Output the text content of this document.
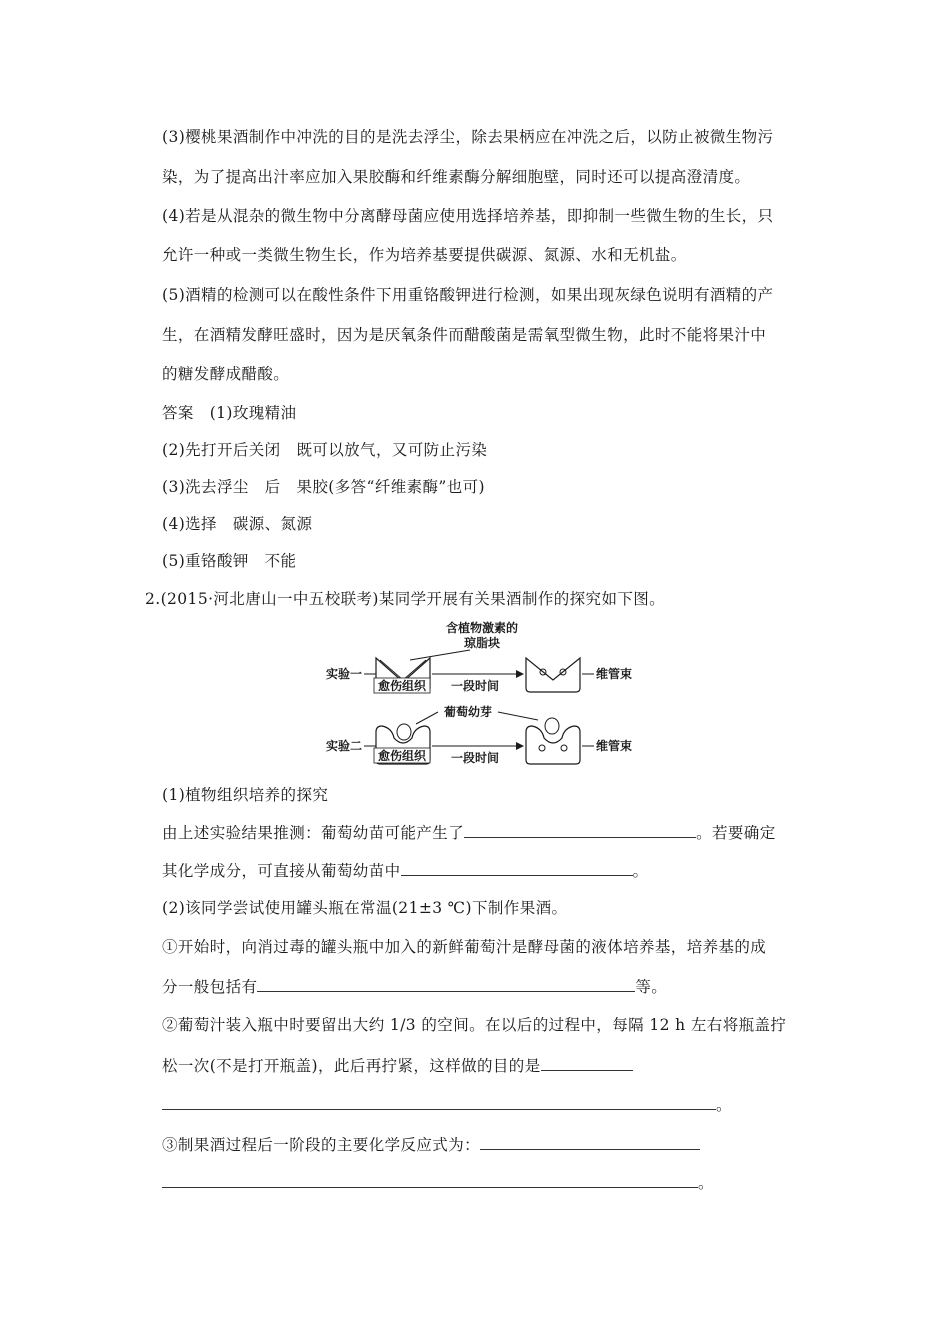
(3)樱桃果酒制作中冲洗的目的是洗去浮尘，除去果柄应在冲洗之后，以防止被微生物污
染，为了提高出汁率应加入果胶酶和纤维素酶分解细胞壁，同时还可以提高澄清度。
(4)若是从混杂的微生物中分离酵母菌应使用选择培养基，即抑制一些微生物的生长，只
允许一种或一类微生物生长，作为培养基要提供碳源、氮源、水和无机盐。
(5)酒精的检测可以在酸性条件下用重铬酸钾进行检测，如果出现灰绿色说明有酒精的产
生，在酒精发酵旺盛时，因为是厌氧条件而醋酸菌是需氧型微生物，此时不能将果汁中
的糖发酵成醋酸。
答案　(1)玫瑰精油
(2)先打开后关闭　既可以放气，又可防止污染
(3)洗去浮尘　后　果胶(多答“纤维素酶”也可)
(4)选择　碳源、氮源
(5)重铬酸钾　不能
2.(2015·河北唐山一中五校联考)某同学开展有关果酒制作的探究如下图。
含植物激素的
琼脂块
实验一
愈伤组织 一段时间
维管束
葡萄幼芽
实验二
愈伤组织 一段时间
维管束
(1)植物组织培养的探究
由上述实验结果推测：葡萄幼苗可能产生了	。若要确定
其化学成分，可直接从葡萄幼苗中	。
(2)该同学尝试使用罐头瓶在常温(21±3 ℃)下制作果酒。
①开始时，向消过毒的罐头瓶中加入的新鲜葡萄汁是酵母菌的液体培养基，培养基的成
分一般包括有	等。
②葡萄汁装入瓶中时要留出大约 1/3 的空间。在以后的过程中，每隔 12 h 左右将瓶盖拧
松一次(不是打开瓶盖)，此后再拧紧，这样做的目的是
。
③制果酒过程后一阶段的主要化学反应式为：
。
